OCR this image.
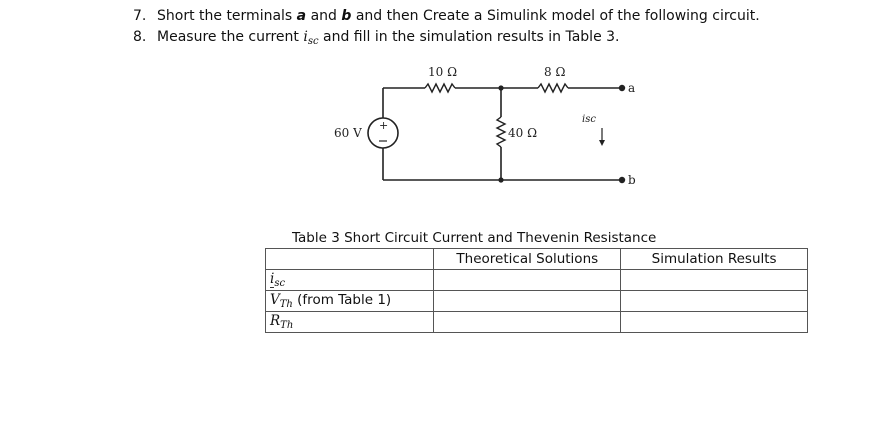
7. Short the terminals a and b and then Create a Simulink model of the following circuit.
8. Measure the current $i_{sc}$ and fill in the simulation results in Table 3.
+
10 Ω	8 Ω
40 Ω
60 V
isc
a
b
Table 3 Short Circuit Current and Thevenin Resistance
	Theoretical Solutions	Simulation Results
$i_{sc}$		
$V_{Th}$ (from Table 1)		
$R_{Th}$		
